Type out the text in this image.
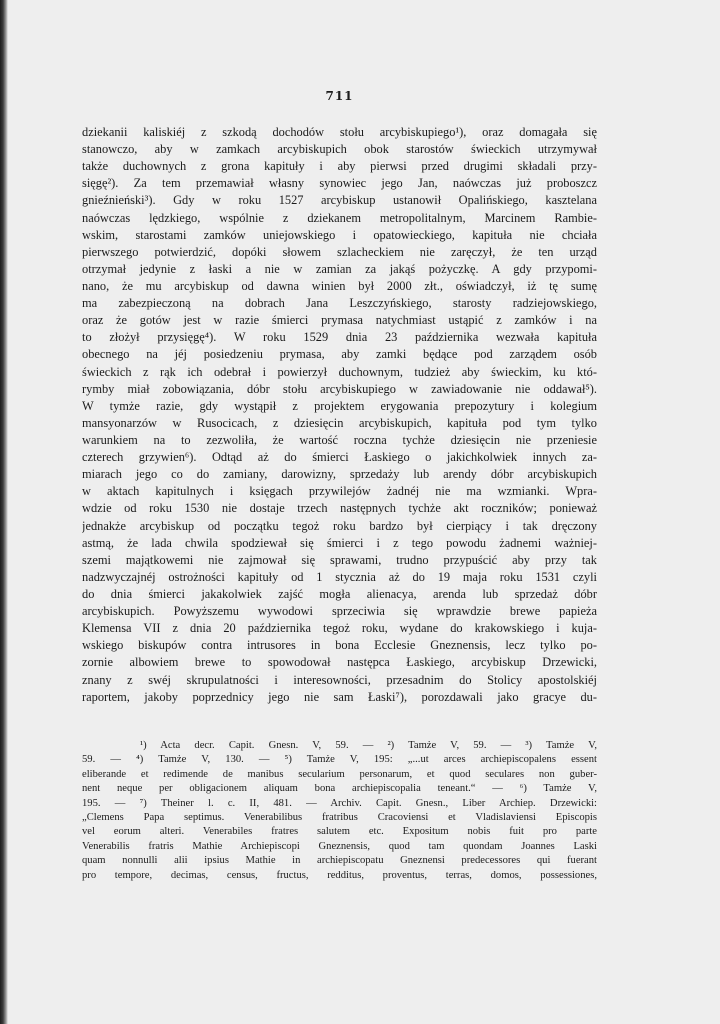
711
dziekanii kaliskiéj z szkodą dochodów stołu arcybiskupiego¹), oraz domagała się
stanowczo, aby w zamkach arcybiskupich obok starostów świeckich utrzymywał
także duchownych z grona kapituły i aby pierwsi przed drugimi składali przy-
sięgę²). Za tem przemawiał własny synowiec jego Jan, naówczas już proboszcz
gnieźnieński³). Gdy w roku 1527 arcybiskup ustanowił Opalińskiego, kasztelana
naówczas lędzkiego, wspólnie z dziekanem metropolitalnym, Marcinem Rambie-
wskim, starostami zamków uniejowskiego i opatowieckiego, kapituła nie chciała
pierwszego potwierdzić, dopóki słowem szlacheckiem nie zaręczył, że ten urząd
otrzymał jedynie z łaski a nie w zamian za jakąś pożyczkę. A gdy przypomi-
nano, że mu arcybiskup od dawna winien był 2000 złt., oświadczył, iż tę sumę
ma zabezpieczoną na dobrach Jana Leszczyńskiego, starosty radziejowskiego,
oraz że gotów jest w razie śmierci prymasa natychmiast ustąpić z zamków i na
to złożył przysięgę⁴). W roku 1529 dnia 23 października wezwała kapituła
obecnego na jéj posiedzeniu prymasa, aby zamki będące pod zarządem osób
świeckich z rąk ich odebrał i powierzył duchownym, tudzież aby świeckim, ku któ-
rymby miał zobowiązania, dóbr stołu arcybiskupiego w zawiadowanie nie oddawał⁵).
W tymże razie, gdy wystąpił z projektem erygowania prepozytury i kolegium
mansyonarzów w Rusocicach, z dziesięcin arcybiskupich, kapituła pod tym tylko
warunkiem na to zezwoliła, że wartość roczna tychże dziesięcin nie przeniesie
czterech grzywien⁶). Odtąd aż do śmierci Łaskiego o jakichkolwiek innych za-
miarach jego co do zamiany, darowizny, sprzedaży lub arendy dóbr arcybiskupich
w aktach kapitulnych i księgach przywilejów żadnéj nie ma wzmianki. Wpra-
wdzie od roku 1530 nie dostaje trzech następnych tychże akt roczników; ponieważ
jednakże arcybiskup od początku tegoż roku bardzo był cierpiący i tak dręczony
astmą, że lada chwila spodziewał się śmierci i z tego powodu żadnemi ważniej-
szemi majątkowemi nie zajmował się sprawami, trudno przypuścić aby przy tak
nadzwyczajnéj ostrożności kapituły od 1 stycznia aż do 19 maja roku 1531 czyli
do dnia śmierci jakakolwiek zajść mogła alienacya, arenda lub sprzedaż dóbr
arcybiskupich. Powyższemu wywodowi sprzeciwia się wprawdzie brewe papieża
Klemensa VII z dnia 20 października tegoż roku, wydane do krakowskiego i kuja-
wskiego biskupów contra intrusores in bona Ecclesie Gneznensis, lecz tylko po-
zornie albowiem brewe to spowodował następca Łaskiego, arcybiskup Drzewicki,
znany z swéj skrupulatności i interesowności, przesadnim do Stolicy apostolskiéj
raportem, jakoby poprzednicy jego nie sam Łaski⁷), porozdawali jako gracye du-
¹) Acta decr. Capit. Gnesn. V, 59. — ²) Tamże V, 59. — ³) Tamże V,
59. — ⁴) Tamże V, 130. — ⁵) Tamże V, 195: „...ut arces archiepiscopalens essent
eliberande et redimende de manibus secularium personarum, et quod seculares non guber-
nent neque per obligacionem aliquam bona archiepiscopalia teneant.“ — ⁶) Tamże V,
195. — ⁷) Theiner l. c. II, 481. — Archiv. Capit. Gnesn., Liber Archiep. Drzewicki:
„Clemens Papa septimus. Venerabilibus fratribus Cracoviensi et Vladislaviensi Episcopis
vel eorum alteri. Venerabiles fratres salutem etc. Expositum nobis fuit pro parte
Venerabilis fratris Mathie Archiepiscopi Gneznensis, quod tam quondam Joannes Laski
quam nonnulli alii ipsius Mathie in archiepiscopatu Gneznensi predecessores qui fuerant
pro tempore, decimas, census, fructus, redditus, proventus, terras, domos, possessiones,
